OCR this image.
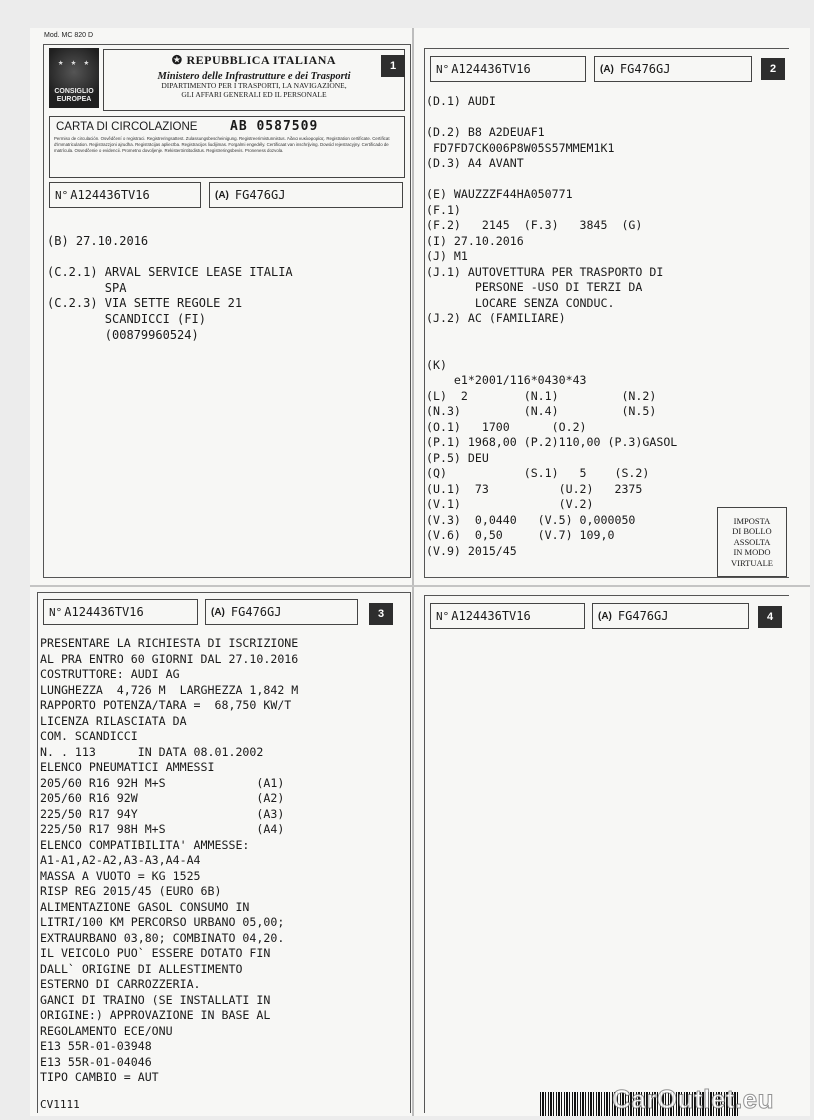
Mod. MC 820 D
★ ★ ★
CONSIGLIO
EUROPEA
✪ REPUBBLICA ITALIANA
Ministero delle Infrastrutture e dei Trasporti
DIPARTIMENTO PER I TRASPORTI, LA NAVIGAZIONE,
GLI AFFARI GENERALI ED IL PERSONALE
1
CARTA DI CIRCOLAZIONE	AB 0587509
Permiso de circulación. Osvědčení o registraci. Registreringsattest. Zulassungsbescheinigung. Registreerimistunnistus. Άδεια κυκλοφορίας. Registration certificate. Certificat d'immatriculation. Reġistrazzjoni ajrudha. Registrācijas apliecība. Registracijos liudijimas. Forgalmi engedély. Certificaat van inschrijving. Dowód rejestracyjny. Certificado de matrícula. Osvedčenie o evidencii. Prometno dovoljenje. Rekisteröintitodistus. Registreringsbevis. Proneness dozvola.
N° A124436TV16	(A) FG476GJ
(B) 27.10.2016

(C.2.1) ARVAL SERVICE LEASE ITALIA
SPA
(C.2.3) VIA SETTE REGOLE 21
SCANDICCI (FI)
(00879960524)
N° A124436TV16	(A) FG476GJ	2
(D.1) AUDI

(D.2) B8 A2DEUAF1
FD7FD7CK006P8W05S57MMEM1K1
(D.3) A4 AVANT

(E) WAUZZZF44HA050771
(F.1)
(F.2)   2145  (F.3)   3845  (G)
(I) 27.10.2016
(J) M1
(J.1) AUTOVETTURA PER TRASPORTO DI
PERSONE -USO DI TERZI DA
LOCARE SENZA CONDUC.
(J.2) AC (FAMILIARE)

(K)
e1*2001/116*0430*43
(L)  2        (N.1)         (N.2)
(N.3)         (N.4)         (N.5)
(O.1)   1700      (O.2)
(P.1) 1968,00 (P.2)110,00 (P.3)GASOL
(P.5) DEU
(Q)           (S.1)   5    (S.2)
(U.1)  73          (U.2)   2375
(V.1)              (V.2)
(V.3)  0,0440   (V.5) 0,000050
(V.6)  0,50     (V.7) 109,0
(V.9) 2015/45
IMPOSTA
DI BOLLO
ASSOLTA
IN MODO
VIRTUALE
N° A124436TV16	(A) FG476GJ	3
PRESENTARE LA RICHIESTA DI ISCRIZIONE
AL PRA ENTRO 60 GIORNI DAL 27.10.2016
COSTRUTTORE: AUDI AG
LUNGHEZZA  4,726 M  LARGHEZZA 1,842 M
RAPPORTO POTENZA/TARA =  68,750 KW/T
LICENZA RILASCIATA DA
COM. SCANDICCI
N. . 113      IN DATA 08.01.2002
ELENCO PNEUMATICI AMMESSI
205/60 R16 92H M+S             (A1)
205/60 R16 92W                 (A2)
225/50 R17 94Y                 (A3)
225/50 R17 98H M+S             (A4)
ELENCO COMPATIBILITA' AMMESSE:
A1-A1,A2-A2,A3-A3,A4-A4
MASSA A VUOTO = KG 1525
RISP REG 2015/45 (EURO 6B)
ALIMENTAZIONE GASOL CONSUMO IN
LITRI/100 KM PERCORSO URBANO 05,00;
EXTRAURBANO 03,80; COMBINATO 04,20.
IL VEICOLO PUO` ESSERE DOTATO FIN
DALL` ORIGINE DI ALLESTIMENTO
ESTERNO DI CARROZZERIA.
GANCI DI TRAINO (SE INSTALLATI IN
ORIGINE:) APPROVAZIONE IN BASE AL
REGOLAMENTO ECE/ONU
E13 55R-01-03948
E13 55R-01-04046
TIPO CAMBIO = AUT
N° A124436TV16	(A) FG476GJ	4
CV1111	CarOutlet.eu
